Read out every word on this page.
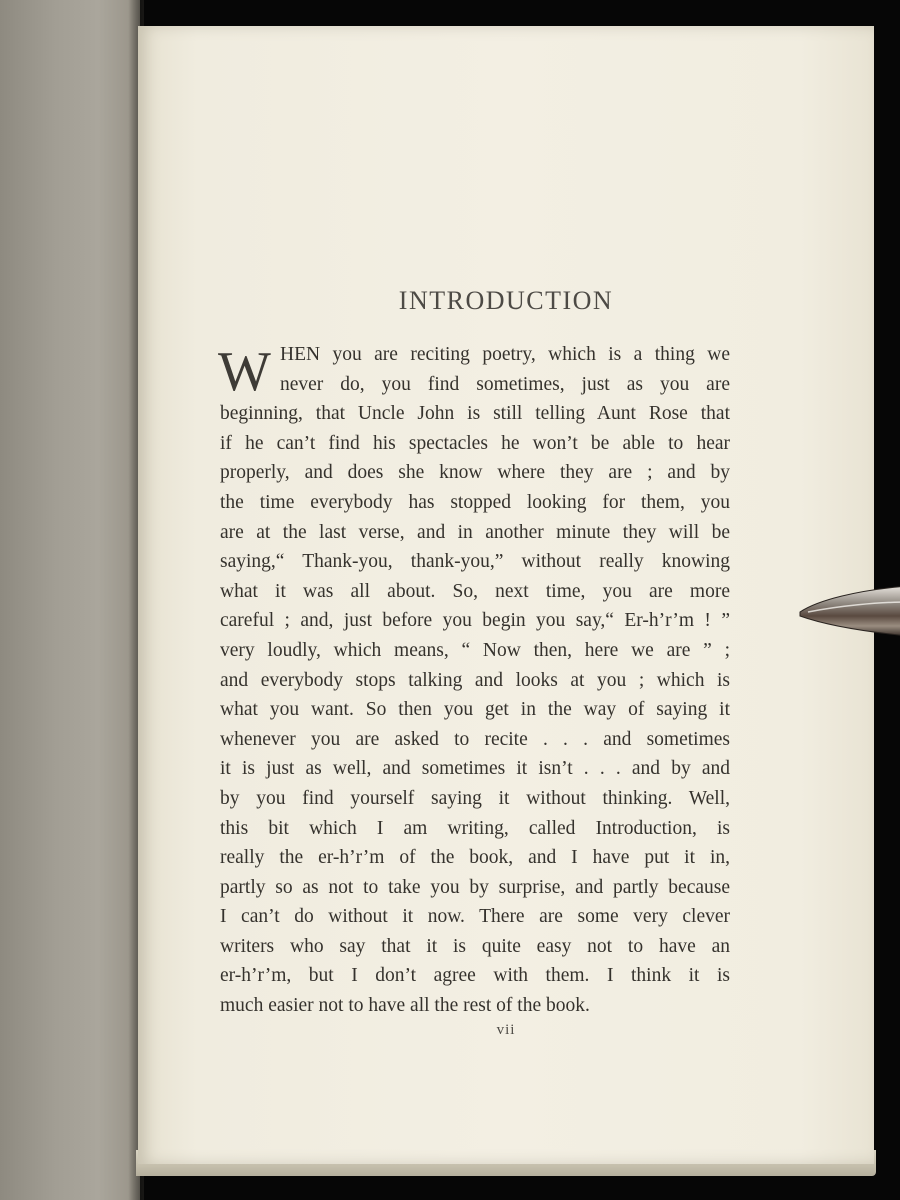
INTRODUCTION
W HEN you are reciting poetry, which is a thing we
never do, you find sometimes, just as you are
beginning, that Uncle John is still telling Aunt Rose that
if he can’t find his spectacles he won’t be able to hear
properly, and does she know where they are ; and by
the time everybody has stopped looking for them, you
are at the last verse, and in another minute they will be
saying,“ Thank-you, thank-you,” without really knowing
what it was all about. So, next time, you are more
careful ; and, just before you begin you say,“ Er-h’r’m ! ”
very loudly, which means, “ Now then, here we are ” ;
and everybody stops talking and looks at you ; which is
what you want. So then you get in the way of saying it
whenever you are asked to recite . . . and sometimes
it is just as well, and sometimes it isn’t . . . and by and
by you find yourself saying it without thinking. Well,
this bit which I am writing, called Introduction, is
really the er-h’r’m of the book, and I have put it in,
partly so as not to take you by surprise, and partly because
I can’t do without it now. There are some very clever
writers who say that it is quite easy not to have an
er-h’r’m, but I don’t agree with them. I think it is
much easier not to have all the rest of the book.
vii
